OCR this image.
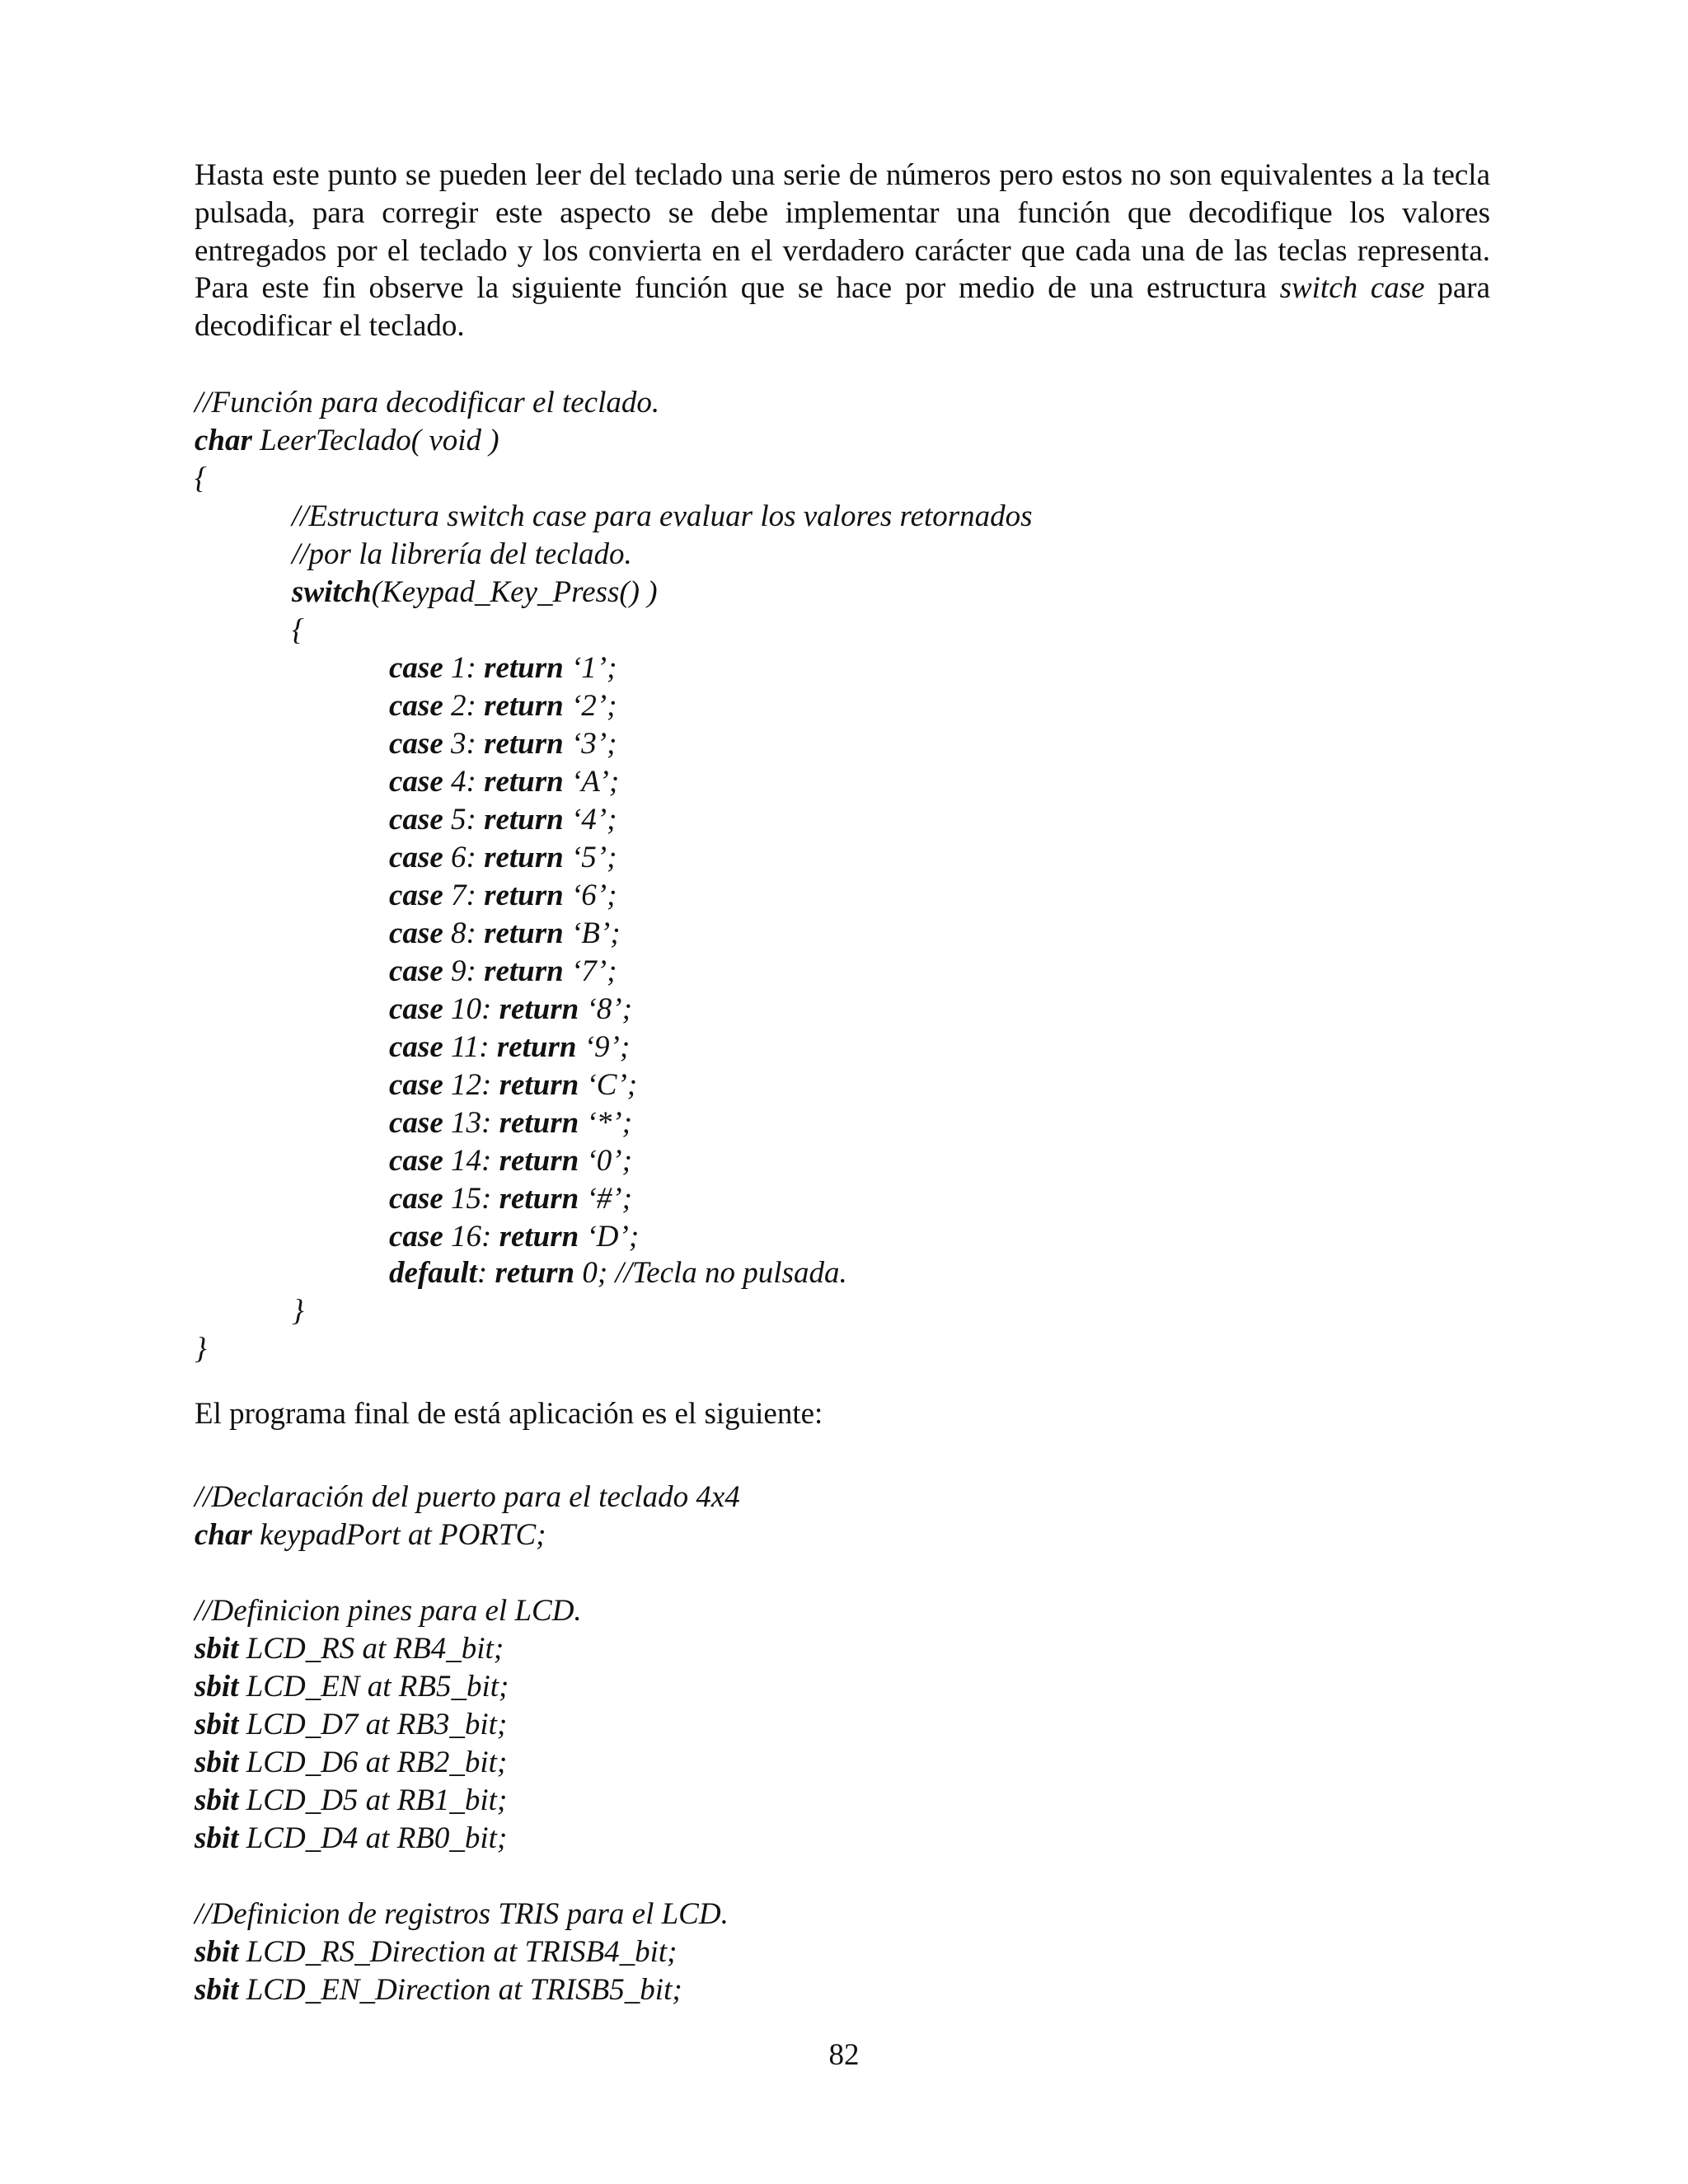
Hasta este punto se pueden leer del teclado una serie de números pero estos no son equivalentes a la tecla pulsada, para corregir este aspecto se debe implementar una función que decodifique los valores entregados por el teclado y los convierta en el verdadero carácter que cada una de las teclas representa. Para este fin observe la siguiente función que se hace por medio de una estructura switch case para decodificar el teclado.

//Función para decodificar el teclado.
char LeerTeclado( void )
{
//Estructura switch case para evaluar los valores retornados
//por la librería del teclado.
switch(Keypad_Key_Press() )
{
case 1: return ‘1’;
case 2: return ‘2’;
case 3: return ‘3’;
case 4: return ‘A’;
case 5: return ‘4’;
case 6: return ‘5’;
case 7: return ‘6’;
case 8: return ‘B’;
case 9: return ‘7’;
case 10: return ‘8’;
case 11: return ‘9’;
case 12: return ‘C’;
case 13: return ‘*’;
case 14: return ‘0’;
case 15: return ‘#’;
case 16: return ‘D’;
default: return 0; //Tecla no pulsada.
}
}
El programa final de está aplicación es el siguiente:
//Declaración del puerto para el teclado 4x4
char keypadPort at PORTC;
//Definicion pines para el LCD.
sbit LCD_RS at RB4_bit;
sbit LCD_EN at RB5_bit;
sbit LCD_D7 at RB3_bit;
sbit LCD_D6 at RB2_bit;
sbit LCD_D5 at RB1_bit;
sbit LCD_D4 at RB0_bit;
//Definicion de registros TRIS para el LCD.
sbit LCD_RS_Direction at TRISB4_bit;
sbit LCD_EN_Direction at TRISB5_bit;
82
